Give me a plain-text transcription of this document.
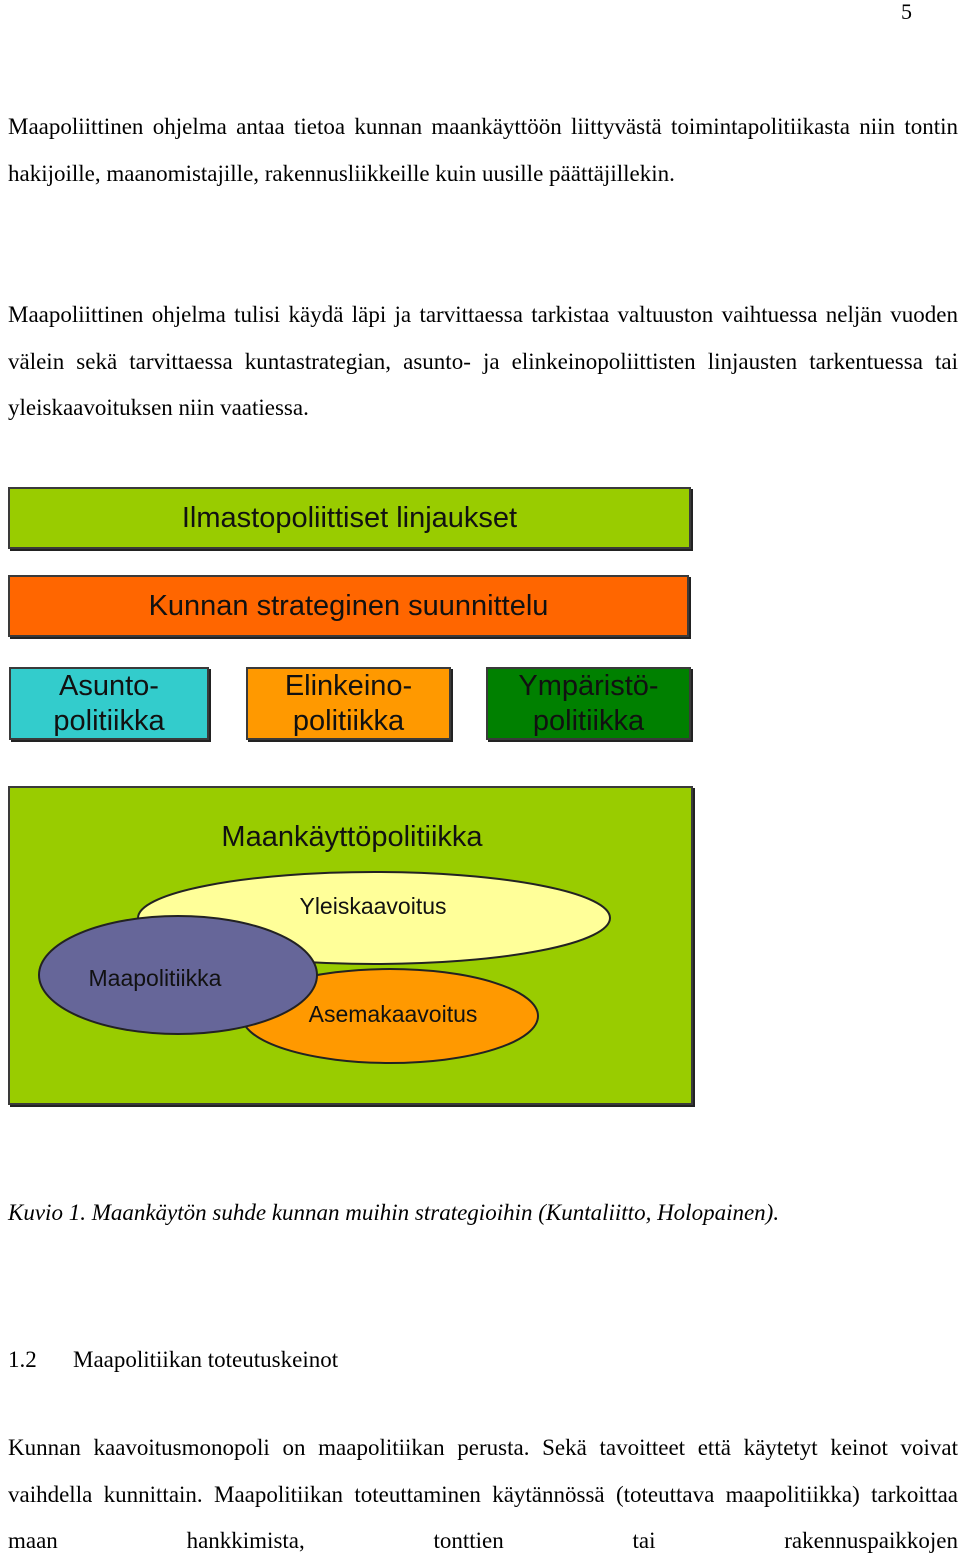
5

Maapoliittinen ohjelma antaa tietoa kunnan maankäyttöön liittyvästä toimintapolitiikasta niin tontin hakijoille, maanomistajille, rakennusliikkeille kuin uusille päättäjillekin.

Maapoliittinen ohjelma tulisi käydä läpi ja tarvittaessa tarkistaa valtuuston vaihtuessa neljän vuoden välein sekä tarvittaessa kuntastrategian, asunto- ja elinkeinopoliittisten linjausten tarkentuessa tai yleiskaavoituksen niin vaatiessa.

Ilmastopoliittiset linjaukset
Kunnan strateginen suunnittelu
Asunto-
politiikka
Elinkeino-
politiikka
Ympäristö-
politiikka
Maankäyttöpolitiikka
Yleiskaavoitus
Asemakaavoitus
Maapolitiikka

Kuvio 1. Maankäytön suhde kunnan muihin strategioihin (Kuntaliitto, Holopainen).

1.2 Maapolitiikan toteutuskeinot

Kunnan kaavoitusmonopoli on maapolitiikan perusta. Sekä tavoitteet että käytetyt keinot voivat vaihdella kunnittain. Maapolitiikan toteuttaminen käytännössä (toteuttava maapolitiikka) tarkoittaa maan hankkimista, tonttien tai rakennuspaikkojen
